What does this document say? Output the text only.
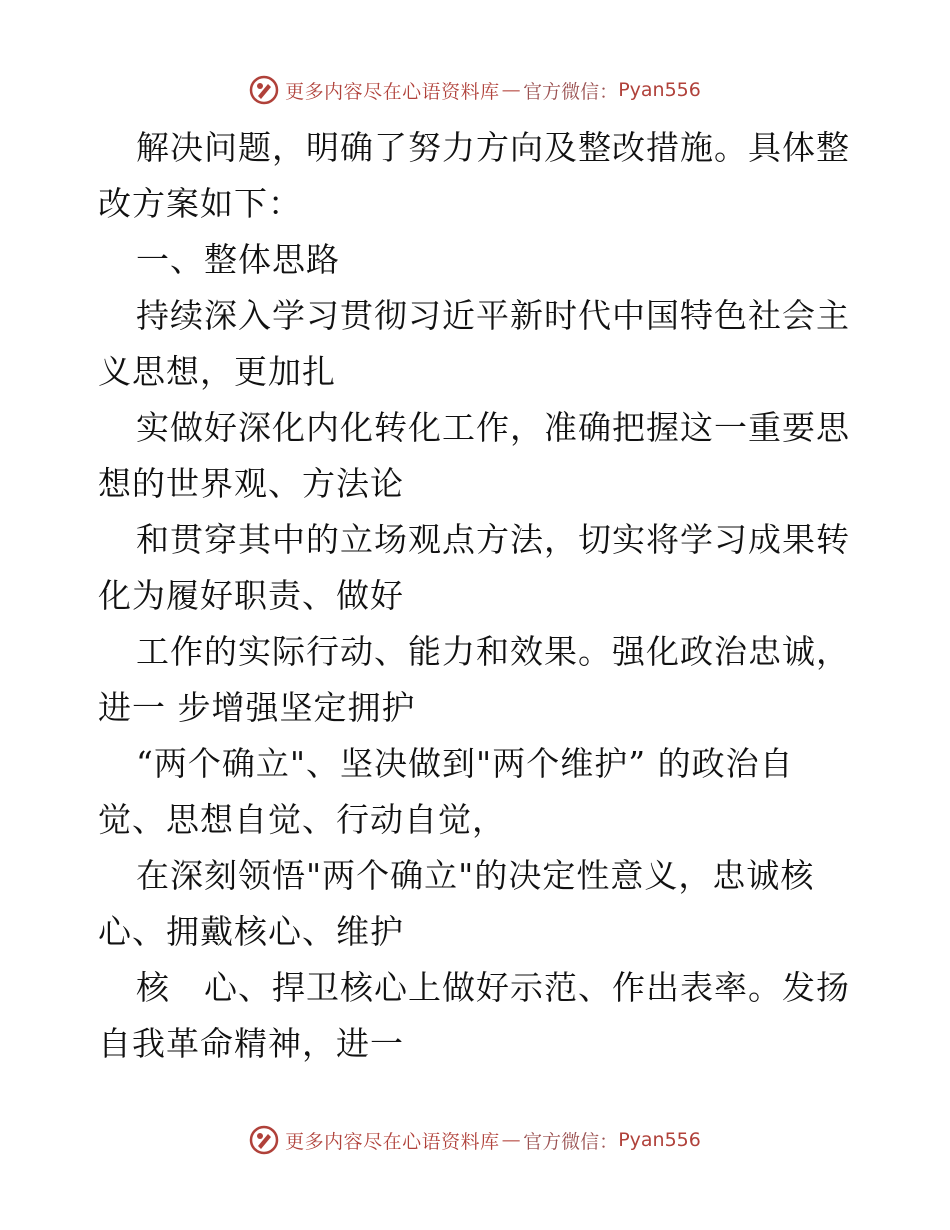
更多内容尽在心语资料库 — 官方微信： Pyan556
解决问题，明确了努力方向及整改措施。具体整
改方案如下：
一、整体思路
持续深入学习贯彻习近平新时代中国特色社会主
义思想，更加扎
实做好深化内化转化工作，准确把握这一重要思
想的世界观、方法论
和贯穿其中的立场观点方法，切实将学习成果转
化为履好职责、做好
工作的实际行动、能力和效果。强化政治忠诚，
进一 步增强坚定拥护
“两个确立"、坚决做到"两个维护” 的政治自
觉、思想自觉、行动自觉，
在深刻领悟"两个确立"的决定性意义，忠诚核
心、拥戴核心、维护
核　心、捍卫核心上做好示范、作出表率。发扬
自我革命精神，进一
更多内容尽在心语资料库 — 官方微信： Pyan556
